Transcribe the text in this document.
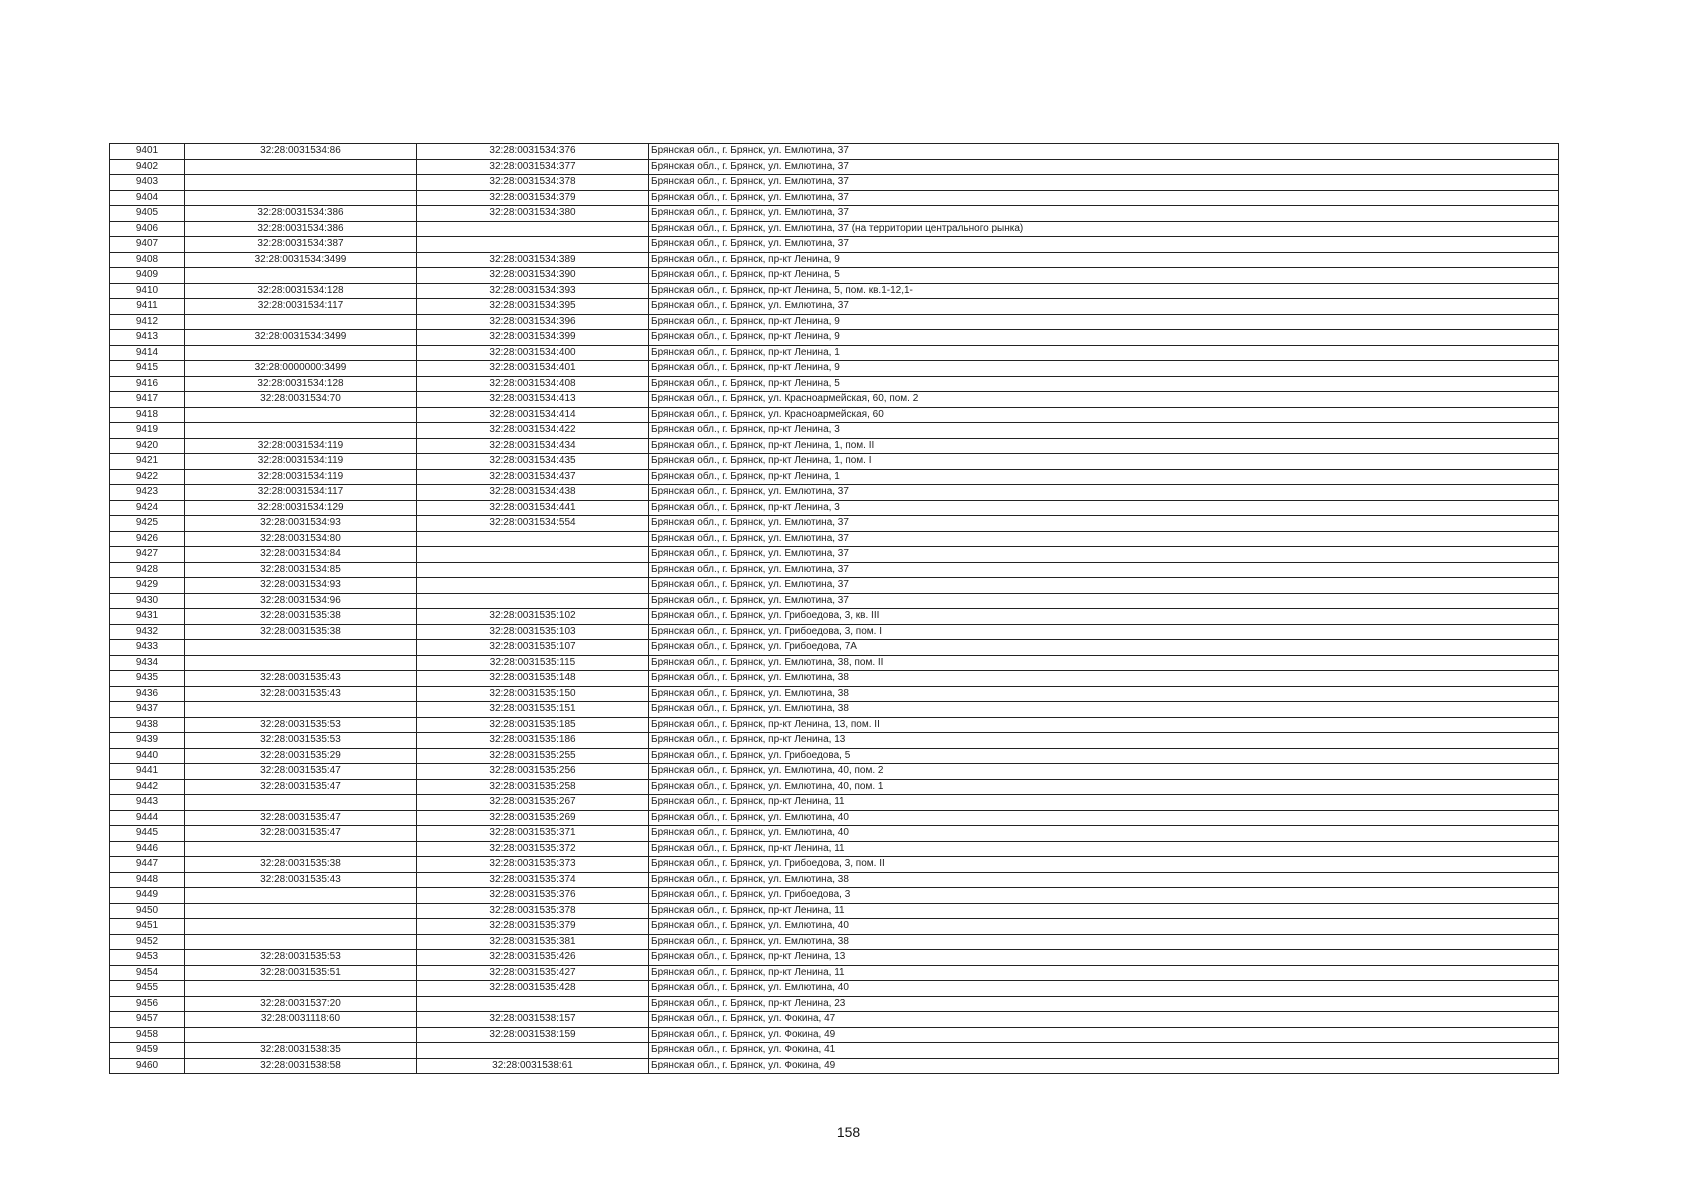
9401	32:28:0031534:86	32:28:0031534:376	Брянская обл., г. Брянск, ул. Емлютина, 37
9402		32:28:0031534:377	Брянская обл., г. Брянск, ул. Емлютина, 37
9403		32:28:0031534:378	Брянская обл., г. Брянск, ул. Емлютина, 37
9404		32:28:0031534:379	Брянская обл., г. Брянск, ул. Емлютина, 37
9405	32:28:0031534:386	32:28:0031534:380	Брянская обл., г. Брянск, ул. Емлютина, 37
9406	32:28:0031534:386		Брянская обл., г. Брянск, ул. Емлютина, 37 (на территории центрального рынка)
9407	32:28:0031534:387		Брянская обл., г. Брянск, ул. Емлютина, 37
9408	32:28:0031534:3499	32:28:0031534:389	Брянская обл., г. Брянск, пр-кт Ленина, 9
9409		32:28:0031534:390	Брянская обл., г. Брянск, пр-кт Ленина, 5
9410	32:28:0031534:128	32:28:0031534:393	Брянская обл., г. Брянск, пр-кт Ленина, 5, пом. кв.1-12,1-
9411	32:28:0031534:117	32:28:0031534:395	Брянская обл., г. Брянск, ул. Емлютина, 37
9412		32:28:0031534:396	Брянская обл., г. Брянск, пр-кт Ленина, 9
9413	32:28:0031534:3499	32:28:0031534:399	Брянская обл., г. Брянск, пр-кт Ленина, 9
9414		32:28:0031534:400	Брянская обл., г. Брянск, пр-кт Ленина, 1
9415	32:28:0000000:3499	32:28:0031534:401	Брянская обл., г. Брянск, пр-кт Ленина, 9
9416	32:28:0031534:128	32:28:0031534:408	Брянская обл., г. Брянск, пр-кт Ленина, 5
9417	32:28:0031534:70	32:28:0031534:413	Брянская обл., г. Брянск, ул. Красноармейская, 60, пом. 2
9418		32:28:0031534:414	Брянская обл., г. Брянск, ул. Красноармейская, 60
9419		32:28:0031534:422	Брянская обл., г. Брянск, пр-кт Ленина, 3
9420	32:28:0031534:119	32:28:0031534:434	Брянская обл., г. Брянск, пр-кт Ленина, 1, пом. II
9421	32:28:0031534:119	32:28:0031534:435	Брянская обл., г. Брянск, пр-кт Ленина, 1, пом. I
9422	32:28:0031534:119	32:28:0031534:437	Брянская обл., г. Брянск, пр-кт Ленина, 1
9423	32:28:0031534:117	32:28:0031534:438	Брянская обл., г. Брянск, ул. Емлютина, 37
9424	32:28:0031534:129	32:28:0031534:441	Брянская обл., г. Брянск, пр-кт Ленина, 3
9425	32:28:0031534:93	32:28:0031534:554	Брянская обл., г. Брянск, ул. Емлютина, 37
9426	32:28:0031534:80		Брянская обл., г. Брянск, ул. Емлютина, 37
9427	32:28:0031534:84		Брянская обл., г. Брянск, ул. Емлютина, 37
9428	32:28:0031534:85		Брянская обл., г. Брянск, ул. Емлютина, 37
9429	32:28:0031534:93		Брянская обл., г. Брянск, ул. Емлютина, 37
9430	32:28:0031534:96		Брянская обл., г. Брянск, ул. Емлютина, 37
9431	32:28:0031535:38	32:28:0031535:102	Брянская обл., г. Брянск, ул. Грибоедова, 3, кв. III
9432	32:28:0031535:38	32:28:0031535:103	Брянская обл., г. Брянск, ул. Грибоедова, 3, пом. I
9433		32:28:0031535:107	Брянская обл., г. Брянск, ул. Грибоедова, 7А
9434		32:28:0031535:115	Брянская обл., г. Брянск, ул. Емлютина, 38, пом. II
9435	32:28:0031535:43	32:28:0031535:148	Брянская обл., г. Брянск, ул. Емлютина, 38
9436	32:28:0031535:43	32:28:0031535:150	Брянская обл., г. Брянск, ул. Емлютина, 38
9437		32:28:0031535:151	Брянская обл., г. Брянск, ул. Емлютина, 38
9438	32:28:0031535:53	32:28:0031535:185	Брянская обл., г. Брянск, пр-кт Ленина, 13, пом. II
9439	32:28:0031535:53	32:28:0031535:186	Брянская обл., г. Брянск, пр-кт Ленина, 13
9440	32:28:0031535:29	32:28:0031535:255	Брянская обл., г. Брянск, ул. Грибоедова, 5
9441	32:28:0031535:47	32:28:0031535:256	Брянская обл., г. Брянск, ул. Емлютина, 40, пом. 2
9442	32:28:0031535:47	32:28:0031535:258	Брянская обл., г. Брянск, ул. Емлютина, 40, пом. 1
9443		32:28:0031535:267	Брянская обл., г. Брянск, пр-кт Ленина, 11
9444	32:28:0031535:47	32:28:0031535:269	Брянская обл., г. Брянск, ул. Емлютина, 40
9445	32:28:0031535:47	32:28:0031535:371	Брянская обл., г. Брянск, ул. Емлютина, 40
9446		32:28:0031535:372	Брянская обл., г. Брянск, пр-кт Ленина, 11
9447	32:28:0031535:38	32:28:0031535:373	Брянская обл., г. Брянск, ул. Грибоедова, 3, пом. II
9448	32:28:0031535:43	32:28:0031535:374	Брянская обл., г. Брянск, ул. Емлютина, 38
9449		32:28:0031535:376	Брянская обл., г. Брянск, ул. Грибоедова, 3
9450		32:28:0031535:378	Брянская обл., г. Брянск, пр-кт Ленина, 11
9451		32:28:0031535:379	Брянская обл., г. Брянск, ул. Емлютина, 40
9452		32:28:0031535:381	Брянская обл., г. Брянск, ул. Емлютина, 38
9453	32:28:0031535:53	32:28:0031535:426	Брянская обл., г. Брянск, пр-кт Ленина, 13
9454	32:28:0031535:51	32:28:0031535:427	Брянская обл., г. Брянск, пр-кт Ленина, 11
9455		32:28:0031535:428	Брянская обл., г. Брянск, ул. Емлютина, 40
9456	32:28:0031537:20		Брянская обл., г. Брянск, пр-кт Ленина, 23
9457	32:28:0031118:60	32:28:0031538:157	Брянская обл., г. Брянск, ул. Фокина, 47
9458		32:28:0031538:159	Брянская обл., г. Брянск, ул. Фокина, 49
9459	32:28:0031538:35		Брянская обл., г. Брянск, ул. Фокина, 41
9460	32:28:0031538:58	32:28:0031538:61	Брянская обл., г. Брянск, ул. Фокина, 49
158
